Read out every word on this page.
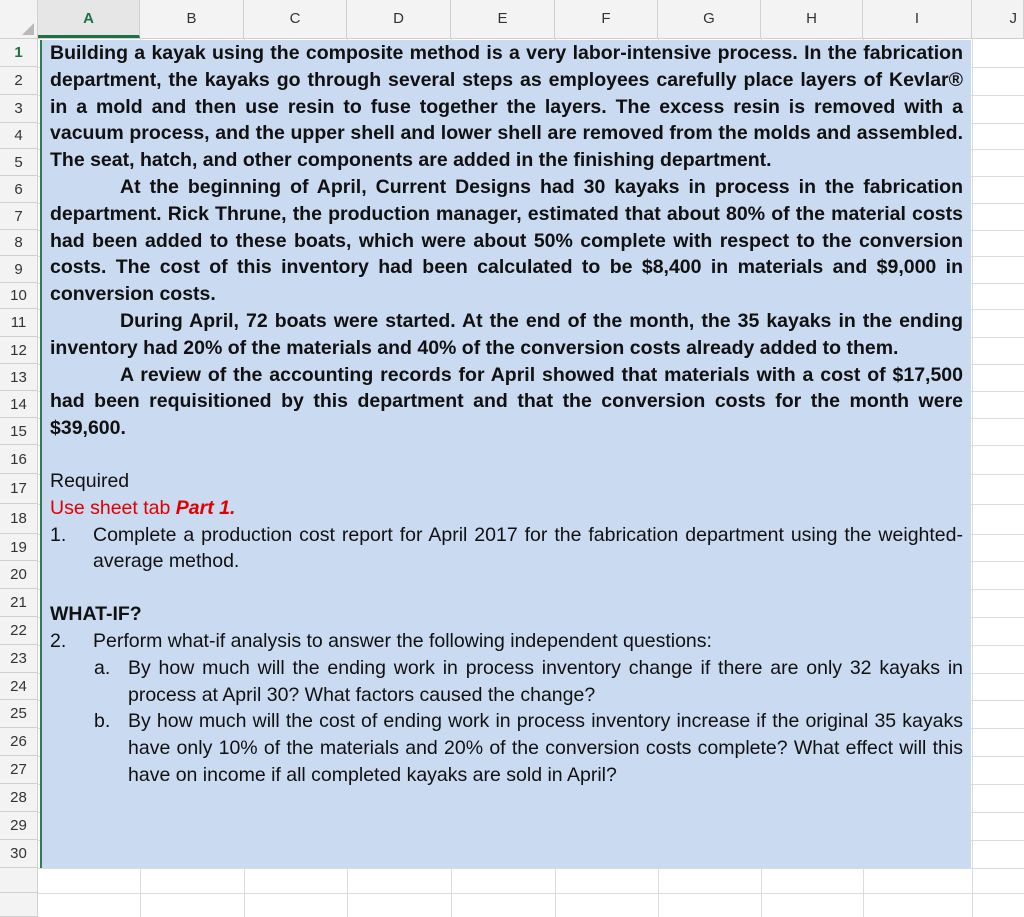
A	B	C	D	E	F	G	H	I	J
1
2
3
4
5
6
7
8
9
10
11
12
13
14
15
16
17
18
19
20
21
22
23
24
25
26
27
28
29
30

Building a kayak using the composite method is a very labor-intensive process. In the fabrication department, the kayaks go through several steps as employees carefully place layers of Kevlar® in a mold and then use resin to fuse together the layers. The excess resin is removed with a vacuum process, and the upper shell and lower shell are removed from the molds and assembled. The seat, hatch, and other components are added in the finishing department.

At the beginning of April, Current Designs had 30 kayaks in process in the fabrication department. Rick Thrune, the production manager, estimated that about 80% of the material costs had been added to these boats, which were about 50% complete with respect to the conversion costs. The cost of this inventory had been calculated to be $8,400 in materials and $9,000 in conversion costs.

During April, 72 boats were started. At the end of the month, the 35 kayaks in the ending inventory had 20% of the materials and 40% of the conversion costs already added to them.

A review of the accounting records for April showed that materials with a cost of $17,500 had been requisitioned by this department and that the conversion costs for the month were $39,600.

Required

Use sheet tab Part 1.

1. Complete a production cost report for April 2017 for the fabrication department using the weighted-average method.

WHAT-IF?

2. Perform what-if analysis to answer the following independent questions:

a. By how much will the ending work in process inventory change if there are only 32 kayaks in process at April 30? What factors caused the change?

b. By how much will the cost of ending work in process inventory increase if the original 35 kayaks have only 10% of the materials and 20% of the conversion costs complete? What effect will this have on income if all completed kayaks are sold in April?
